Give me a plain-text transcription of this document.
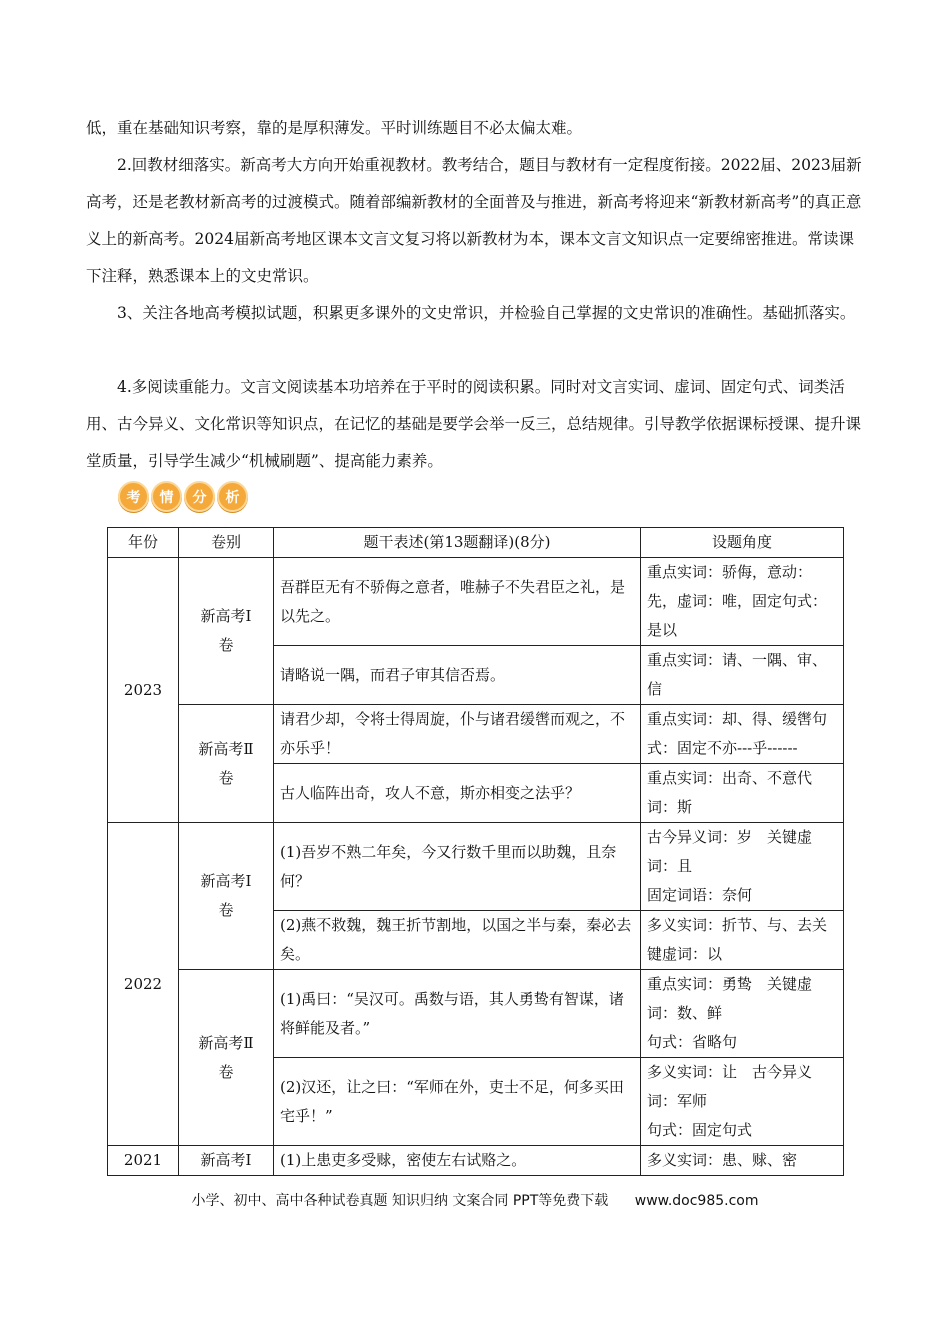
低，重在基础知识考察，靠的是厚积薄发。平时训练题目不必太偏太难。

2.回教材细落实。新高考大方向开始重视教材。教考结合，题目与教材有一定程度衔接。2022届、2023届新高考，还是老教材新高考的过渡模式。随着部编新教材的全面普及与推进，新高考将迎来“新教材新高考”的真正意义上的新高考。2024届新高考地区课本文言文复习将以新教材为本，课本文言文知识点一定要绵密推进。常读课下注释，熟悉课本上的文史常识。

3、关注各地高考模拟试题，积累更多课外的文史常识，并检验自己掌握的文史常识的准确性。基础抓落实。

4.多阅读重能力。文言文阅读基本功培养在于平时的阅读积累。同时对文言实词、虚词、固定句式、词类活用、古今异义、文化常识等知识点，在记忆的基础是要学会举一反三，总结规律。引导教学依据课标授课、提升课堂质量，引导学生减少“机械刷题”、提高能力素养。

考	情	分	析
年份	卷别	题干表述(第13题翻译)(8分)	设题角度
2023	新高考Ⅰ卷	吾群臣无有不骄侮之意者，唯赫子不失君臣之礼，是以先之。	重点实词：骄侮，意动：先，虚词：唯，固定句式：是以
		请略说一隅，而君子审其信否焉。	重点实词：请、一隅、审、信
	新高考Ⅱ卷	请君少却，令将士得周旋，仆与诸君缓辔而观之，不亦乐乎！	重点实词：却、得、缓辔句式：固定不亦---乎------
		古人临阵出奇，攻人不意，斯亦相变之法乎？	重点实词：出奇、不意代词：斯
2022	新高考Ⅰ卷	(1)吾岁不熟二年矣，今又行数千里而以助魏，且奈何？	古今异义词：岁　关键虚词：且
固定词语：奈何

		(2)燕不救魏，魏王折节割地，以国之半与秦，秦必去矣。	多义实词：折节、与、去关键虚词：以
	新高考Ⅱ卷	(1)禹曰：“吴汉可。禹数与语，其人勇鸷有智谋，诸将鲜能及者。”	重点实词：勇鸷　关键虚词：数、鲜
句式：省略句

		(2)汉还，让之曰：“军师在外，吏士不足，何多买田宅乎！”	多义实词：让　古今异义词：军师
句式：固定句式

2021	新高考Ⅰ	(1)上患吏多受赇，密使左右试赂之。	多义实词：患、赇、密
小学、初中、高中各种试卷真题 知识归纳 文案合同 PPT等免费下载 www.doc985.com
